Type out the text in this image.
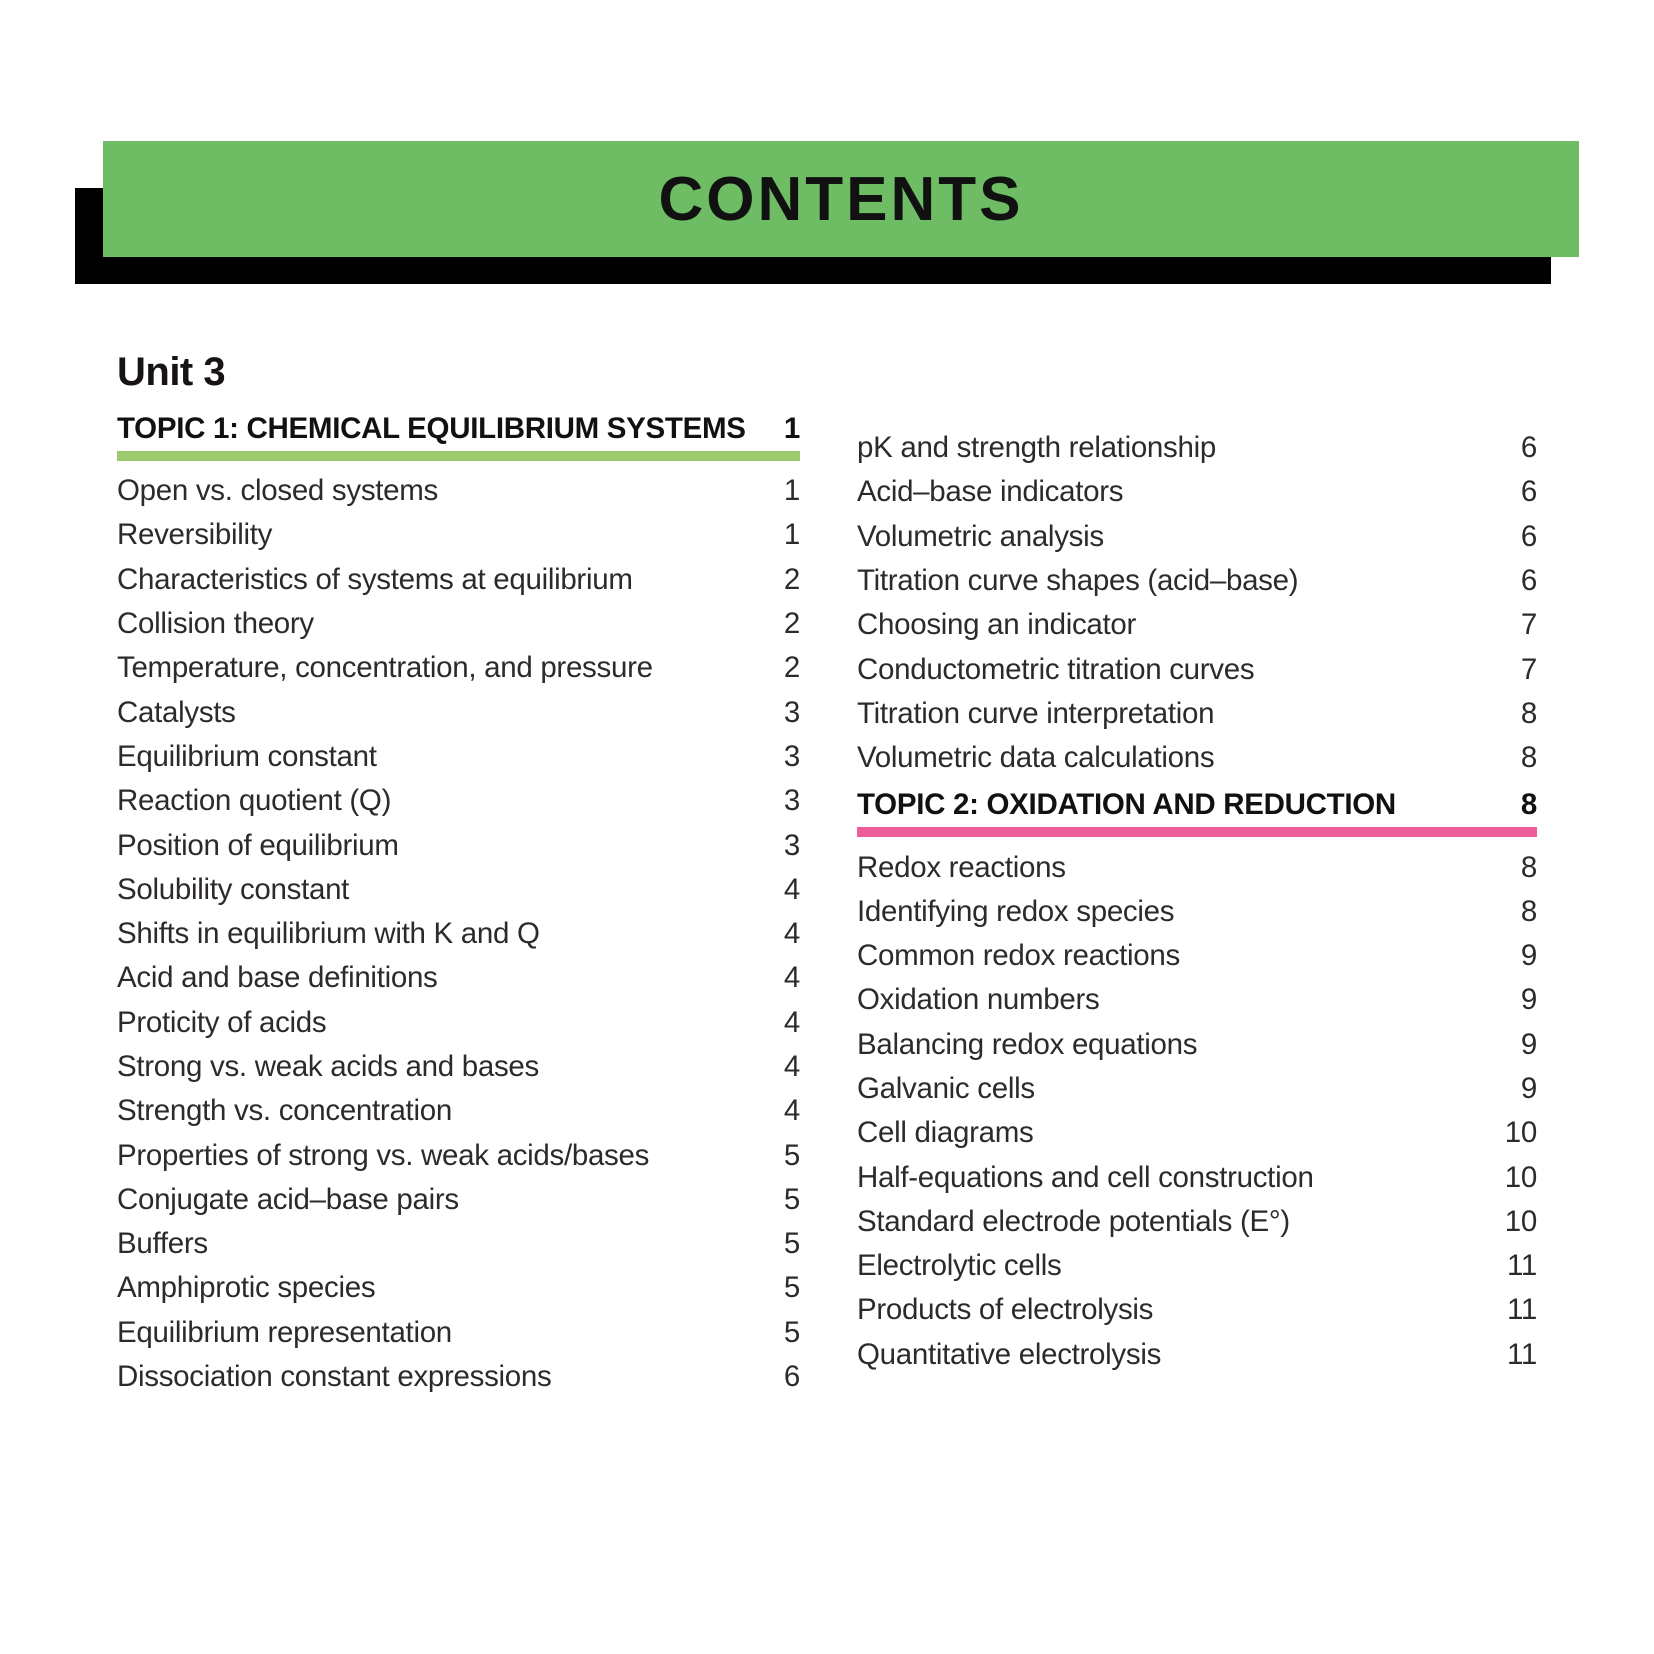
CONTENTS
Unit 3
TOPIC 1: CHEMICAL EQUILIBRIUM SYSTEMS 1
Open vs. closed systems	1
Reversibility	1
Characteristics of systems at equilibrium	2
Collision theory	2
Temperature, concentration, and pressure	2
Catalysts	3
Equilibrium constant	3
Reaction quotient (Q)	3
Position of equilibrium	3
Solubility constant	4
Shifts in equilibrium with K and Q	4
Acid and base definitions	4
Proticity of acids	4
Strong vs. weak acids and bases	4
Strength vs. concentration	4
Properties of strong vs. weak acids/bases	5
Conjugate acid–base pairs	5
Buffers	5
Amphiprotic species	5
Equilibrium representation	5
Dissociation constant expressions	6
pK and strength relationship	6
Acid–base indicators	6
Volumetric analysis	6
Titration curve shapes (acid–base)	6
Choosing an indicator	7
Conductometric titration curves	7
Titration curve interpretation	8
Volumetric data calculations	8
TOPIC 2: OXIDATION AND REDUCTION	8
Redox reactions	8
Identifying redox species	8
Common redox reactions	9
Oxidation numbers	9
Balancing redox equations	9
Galvanic cells	9
Cell diagrams	10
Half-equations and cell construction	10
Standard electrode potentials (E°)	10
Electrolytic cells	11
Products of electrolysis	11
Quantitative electrolysis	11
